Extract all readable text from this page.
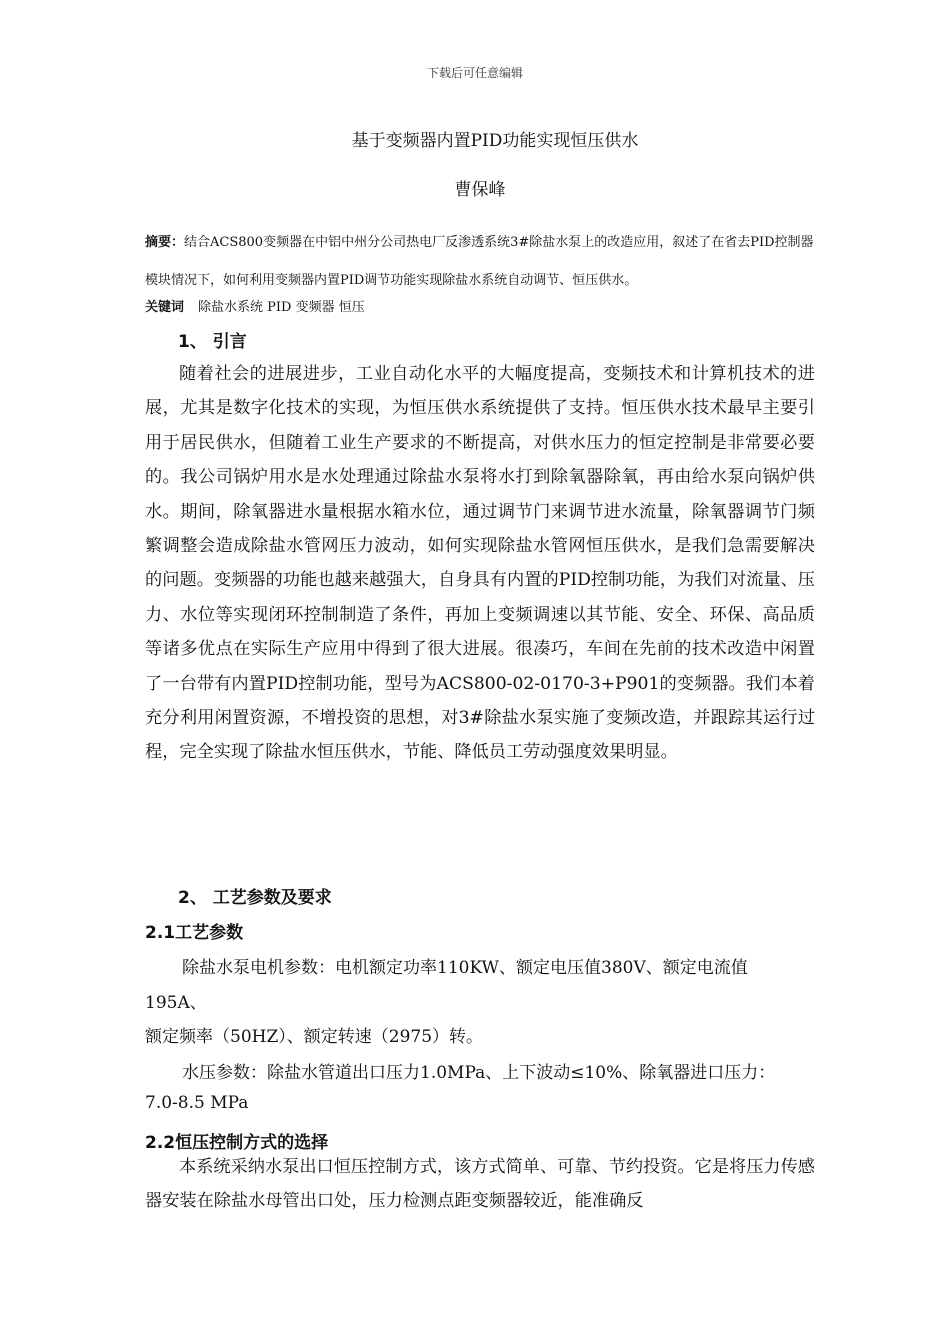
下载后可任意编辑
基于变频器内置PID功能实现恒压供水
曹保峰

摘要：结合ACS800变频器在中铝中州分公司热电厂反渗透系统3#除盐水泵上的改造应用，叙述了在省去PID控制器模块情况下，如何利用变频器内置PID调节功能实现除盐水系统自动调节、恒压供水。

关键词 除盐水系统 PID 变频器 恒压

1、 引言

随着社会的进展进步，工业自动化水平的大幅度提高，变频技术和计算机技术的进展，尤其是数字化技术的实现，为恒压供水系统提供了支持。恒压供水技术最早主要引用于居民供水，但随着工业生产要求的不断提高，对供水压力的恒定控制是非常要必要的。我公司锅炉用水是水处理通过除盐水泵将水打到除氧器除氧，再由给水泵向锅炉供水。期间，除氧器进水量根据水箱水位，通过调节门来调节进水流量，除氧器调节门频繁调整会造成除盐水管网压力波动，如何实现除盐水管网恒压供水，是我们急需要解决的问题。变频器的功能也越来越强大，自身具有内置的PID控制功能，为我们对流量、压力、水位等实现闭环控制制造了条件，再加上变频调速以其节能、安全、环保、高品质等诸多优点在实际生产应用中得到了很大进展。很凑巧，车间在先前的技术改造中闲置了一台带有内置PID控制功能，型号为ACS800-02-0170-3+P901的变频器。我们本着充分利用闲置资源，不增投资的思想，对3#除盐水泵实施了变频改造，并跟踪其运行过程，完全实现了除盐水恒压供水，节能、降低员工劳动强度效果明显。

2、 工艺参数及要求
2.1工艺参数

除盐水泵电机参数：电机额定功率110KW、额定电压值380V、额定电流值

195A、

额定频率（50HZ）、额定转速（2975）转。

水压参数：除盐水管道出口压力1.0MPa、上下波动≤10%、除氧器进口压力：

7.0-8.5 MPa

2.2恒压控制方式的选择

本系统采纳水泵出口恒压控制方式，该方式简单、可靠、节约投资。它是将压力传感器安装在除盐水母管出口处，压力检测点距变频器较近，能准确反
